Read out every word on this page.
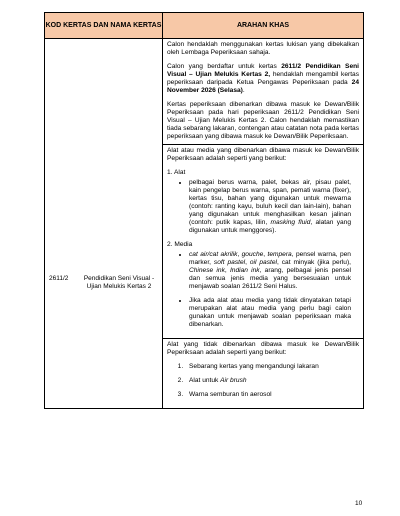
KOD KERTAS DAN NAMA KERTAS	ARAHAN KHAS
2611/2	Pendidikan Seni Visual - Ujian Melukis Kertas 2

Calon hendaklah menggunakan kertas lukisan yang dibekalkan oleh Lembaga Peperiksaan sahaja.

Calon yang berdaftar untuk kertas 2611/2 Pendidikan Seni Visual – Ujian Melukis Kertas 2, hendaklah mengambil kertas peperiksaan daripada Ketua Pengawas Peperiksaan pada 24 November 2026 (Selasa).

Kertas peperiksaan dibenarkan dibawa masuk ke Dewan/Bilik Peperiksaan pada hari peperiksaan 2611/2 Pendidikan Seni Visual – Ujian Melukis Kertas 2. Calon hendaklah memastikan tiada sebarang lakaran, contengan atau catatan nota pada kertas peperiksaan yang dibawa masuk ke Dewan/Bilik Peperiksaan.

Alat atau media yang dibenarkan dibawa masuk ke Dewan/Bilik Peperiksaan adalah seperti yang berikut:

1. Alat
• pelbagai berus warna, palet, bekas air, pisau palet, kain pengelap berus warna, span, pemati warna (fixer), kertas tisu, bahan yang digunakan untuk mewarna (contoh: ranting kayu, buluh kecil dan lain-lain), bahan yang digunakan untuk menghasilkan kesan jalinan (contoh: putik kapas, lilin, masking fluid, alatan yang digunakan untuk menggores).
2. Media
• cat air/cat akrilik, gouche, tempera, pensel warna, pen marker, soft pastel, oil pastel, cat minyak (jika perlu), Chinese ink, Indian ink, arang, pelbagai jenis pensel dan semua jenis media yang bersesuaian untuk menjawab soalan 2611/2 Seni Halus.
• Jika ada alat atau media yang tidak dinyatakan tetapi merupakan alat atau media yang perlu bagi calon gunakan untuk menjawab soalan peperiksaan maka dibenarkan.

Alat yang tidak dibenarkan dibawa masuk ke Dewan/Bilik Peperiksaan adalah seperti yang berikut:

1. Sebarang kertas yang mengandungi lakaran
2. Alat untuk Air brush
3. Warna semburan tin aerosol
10
